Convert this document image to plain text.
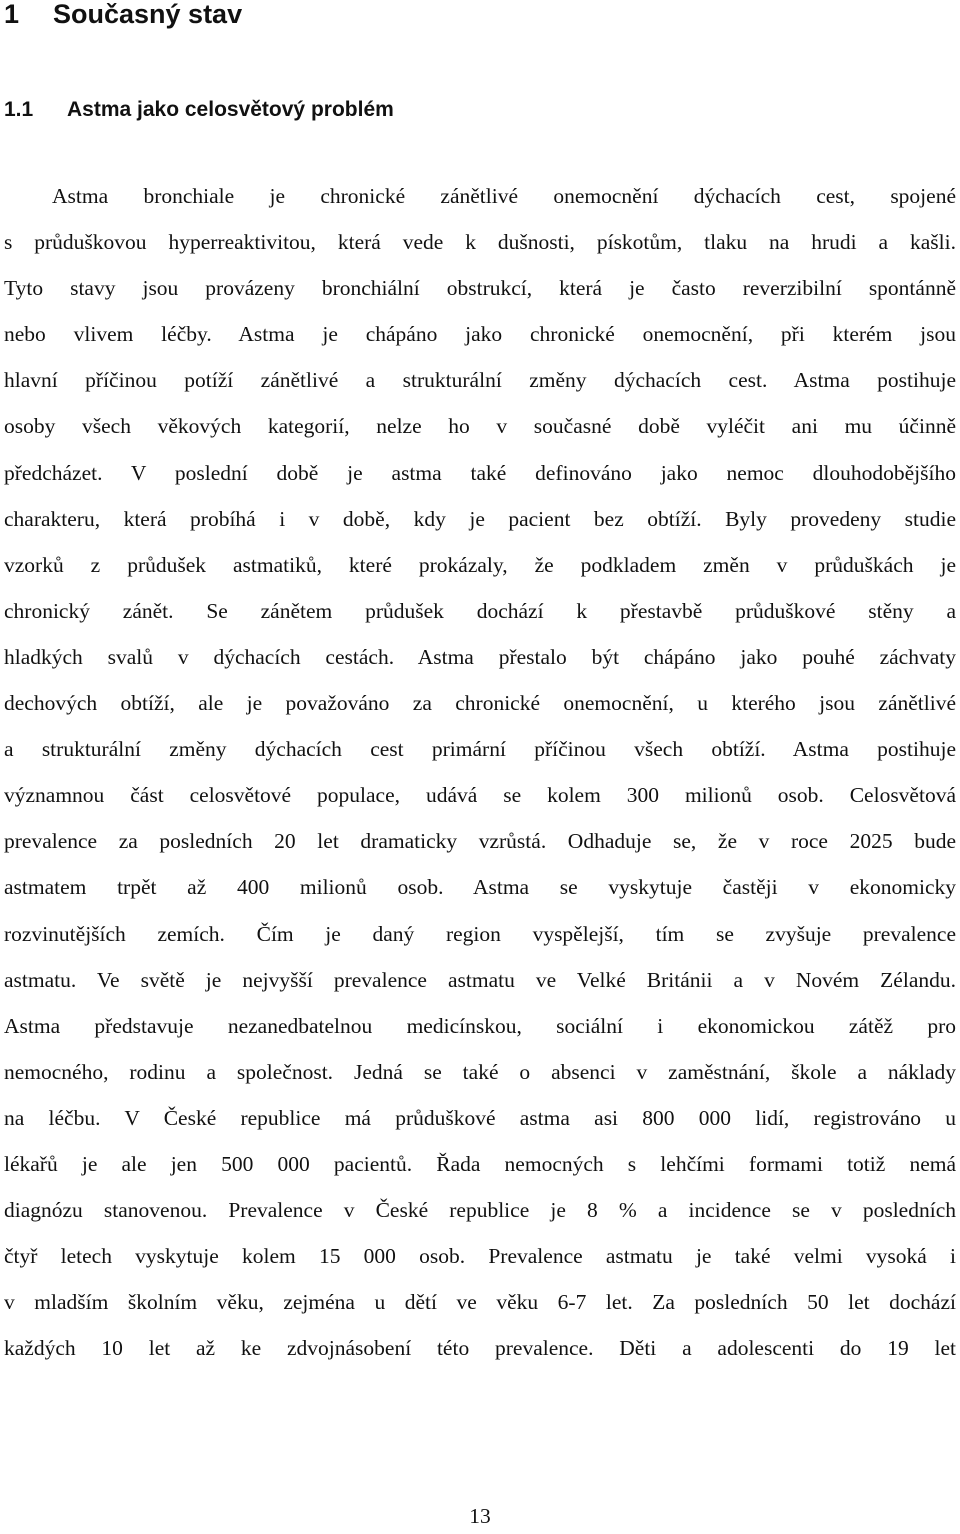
1 Současný stav
1.1 Astma jako celosvětový problém
Astma bronchiale je chronické zánětlivé onemocnění dýchacích cest, spojené
s průduškovou hyperreaktivitou, která vede k dušnosti, pískotům, tlaku na hrudi a kašli.
Tyto stavy jsou provázeny bronchiální obstrukcí, která je často reverzibilní spontánně
nebo vlivem léčby. Astma je chápáno jako chronické onemocnění, při kterém jsou
hlavní příčinou potíží zánětlivé a strukturální změny dýchacích cest. Astma postihuje
osoby všech věkových kategorií, nelze ho v současné době vyléčit ani mu účinně
předcházet. V poslední době je astma také definováno jako nemoc dlouhodobějšího
charakteru, která probíhá i v době, kdy je pacient bez obtíží. Byly provedeny studie
vzorků z průdušek astmatiků, které prokázaly, že podkladem změn v průduškách je
chronický zánět. Se zánětem průdušek dochází k přestavbě průduškové stěny a
hladkých svalů v dýchacích cestách. Astma přestalo být chápáno jako pouhé záchvaty
dechových obtíží, ale je považováno za chronické onemocnění, u kterého jsou zánětlivé
a strukturální změny dýchacích cest primární příčinou všech obtíží. Astma postihuje
významnou část celosvětové populace, udává se kolem 300 milionů osob. Celosvětová
prevalence za posledních 20 let dramaticky vzrůstá. Odhaduje se, že v roce 2025 bude
astmatem trpět až 400 milionů osob. Astma se vyskytuje častěji v ekonomicky
rozvinutějších zemích. Čím je daný region vyspělejší, tím se zvyšuje prevalence
astmatu. Ve světě je nejvyšší prevalence astmatu ve Velké Británii a v Novém Zélandu.
Astma představuje nezanedbatelnou medicínskou, sociální i ekonomickou zátěž pro
nemocného, rodinu a společnost. Jedná se také o absenci v zaměstnání, škole a náklady
na léčbu. V České republice má průduškové astma asi 800 000 lidí, registrováno u
lékařů je ale jen 500 000 pacientů. Řada nemocných s lehčími formami totiž nemá
diagnózu stanovenou. Prevalence v České republice je 8 % a incidence se v posledních
čtyř letech vyskytuje kolem 15 000 osob. Prevalence astmatu je také velmi vysoká i
v mladším školním věku, zejména u dětí ve věku 6-7 let. Za posledních 50 let dochází
každých 10 let až ke zdvojnásobení této prevalence. Děti a adolescenti do 19 let
13
